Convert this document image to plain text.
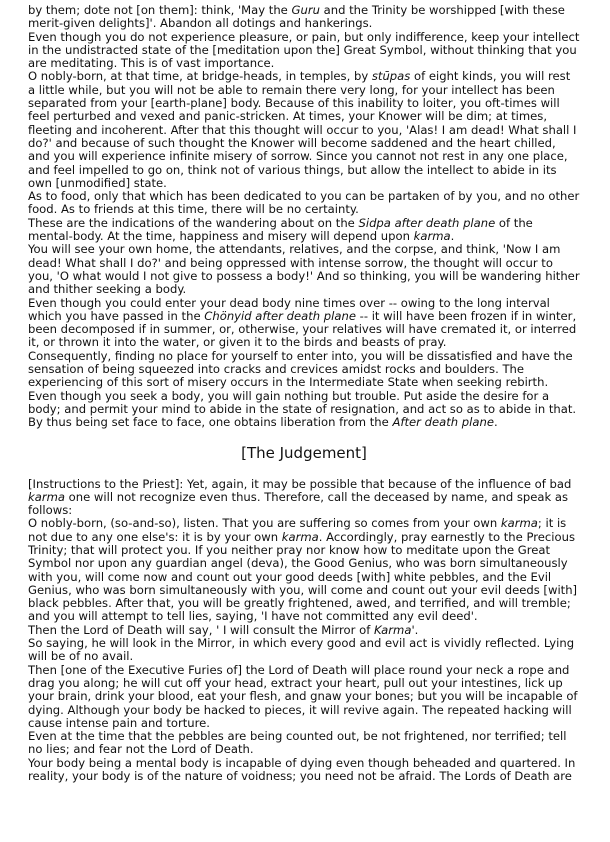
by them; dote not [on them]: think, 'May the Guru and the Trinity be worshipped [with these merit-given delights]'. Abandon all dotings and hankerings.

Even though you do not experience pleasure, or pain, but only indifference, keep your intellect in the undistracted state of the [meditation upon the] Great Symbol, without thinking that you are meditating. This is of vast importance.

O nobly-born, at that time, at bridge-heads, in temples, by stūpas of eight kinds, you will rest a little while, but you will not be able to remain there very long, for your intellect has been separated from your [earth-plane] body. Because of this inability to loiter, you oft-times will feel perturbed and vexed and panic-stricken. At times, your Knower will be dim; at times, fleeting and incoherent. After that this thought will occur to you, 'Alas! I am dead! What shall I do?' and because of such thought the Knower will become saddened and the heart chilled, and you will experience infinite misery of sorrow. Since you cannot not rest in any one place, and feel impelled to go on, think not of various things, but allow the intellect to abide in its own [unmodified] state.

As to food, only that which has been dedicated to you can be partaken of by you, and no other food. As to friends at this time, there will be no certainty.

These are the indications of the wandering about on the Sidpa after death plane of the mental-body. At the time, happiness and misery will depend upon karma.

You will see your own home, the attendants, relatives, and the corpse, and think, 'Now I am dead! What shall I do?' and being oppressed with intense sorrow, the thought will occur to you, 'O what would I not give to possess a body!' And so thinking, you will be wandering hither and thither seeking a body.

Even though you could enter your dead body nine times over -- owing to the long interval which you have passed in the Chönyid after death plane -- it will have been frozen if in winter, been decomposed if in summer, or, otherwise, your relatives will have cremated it, or interred it, or thrown it into the water, or given it to the birds and beasts of pray.

Consequently, finding no place for yourself to enter into, you will be dissatisfied and have the sensation of being squeezed into cracks and crevices amidst rocks and boulders. The experiencing of this sort of misery occurs in the Intermediate State when seeking rebirth. Even though you seek a body, you will gain nothing but trouble. Put aside the desire for a body; and permit your mind to abide in the state of resignation, and act so as to abide in that.

By thus being set face to face, one obtains liberation from the After death plane.

[The Judgement]

[Instructions to the Priest]: Yet, again, it may be possible that because of the influence of bad karma one will not recognize even thus. Therefore, call the deceased by name, and speak as follows:

O nobly-born, (so-and-so), listen. That you are suffering so comes from your own karma; it is not due to any one else's: it is by your own karma. Accordingly, pray earnestly to the Precious Trinity; that will protect you. If you neither pray nor know how to meditate upon the Great Symbol nor upon any guardian angel (deva), the Good Genius, who was born simultaneously with you, will come now and count out your good deeds [with] white pebbles, and the Evil Genius, who was born simultaneously with you, will come and count out your evil deeds [with] black pebbles. After that, you will be greatly frightened, awed, and terrified, and will tremble; and you will attempt to tell lies, saying, 'I have not committed any evil deed'.

Then the Lord of Death will say, ' I will consult the Mirror of Karma'.

So saying, he will look in the Mirror, in which every good and evil act is vividly reflected. Lying will be of no avail.

Then [one of the Executive Furies of] the Lord of Death will place round your neck a rope and drag you along; he will cut off your head, extract your heart, pull out your intestines, lick up your brain, drink your blood, eat your flesh, and gnaw your bones; but you will be incapable of dying. Although your body be hacked to pieces, it will revive again. The repeated hacking will cause intense pain and torture.

Even at the time that the pebbles are being counted out, be not frightened, nor terrified; tell no lies; and fear not the Lord of Death.

Your body being a mental body is incapable of dying even though beheaded and quartered. In reality, your body is of the nature of voidness; you need not be afraid. The Lords of Death are
